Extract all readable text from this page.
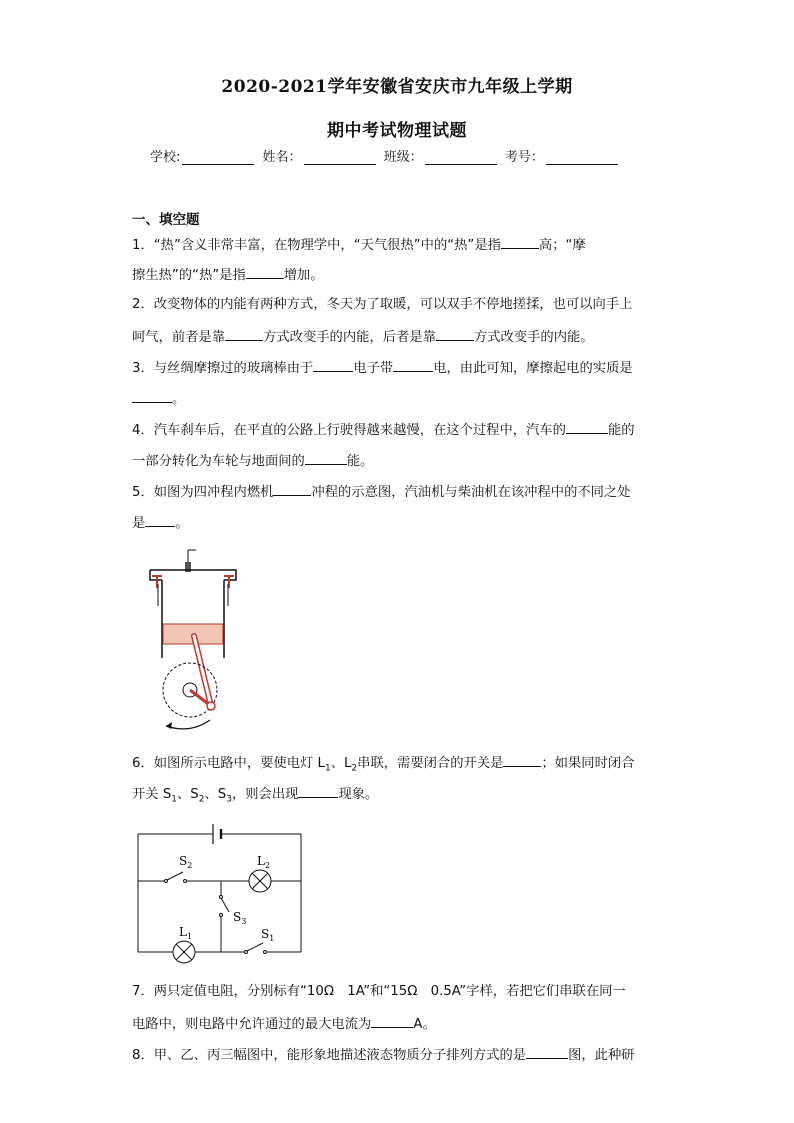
2020-2021学年安徽省安庆市九年级上学期
期中考试物理试题
学校:	姓名：	班级：	考号：
一、填空题
1．“热”含义非常丰富，在物理学中，“天气很热”中的“热”是指	高；“摩
擦生热”的“热”是指	增加。
2．改变物体的内能有两种方式，冬天为了取暖，可以双手不停地搓揉，也可以向手上
呵气，前者是靠	方式改变手的内能，后者是靠	方式改变手的内能。
3．与丝绸摩擦过的玻璃棒由于	电子带	电，由此可知，摩擦起电的实质是
。
4．汽车刹车后，在平直的公路上行驶得越来越慢，在这个过程中，汽车的	能的
一部分转化为车轮与地面间的	能。
5．如图为四冲程内燃机	冲程的示意图，汽油机与柴油机在该冲程中的不同之处
是 。
6．如图所示电路中，要使电灯 $L_1$、$L_2$串联，需要闭合的开关是	；如果同时闭合
开关 $S_1$、$S_2$、$S_3$，则会出现	现象。
$S_2$	$L_2$
$S_3$
$L_1$	$S_1$
7．两只定值电阻，分别标有“10Ω　1A”和“15Ω　0.5A”字样，若把它们串联在同一
电路中，则电路中允许通过的最大电流为	A。
8．甲、乙、丙三幅图中，能形象地描述液态物质分子排列方式的是	图，此种研
